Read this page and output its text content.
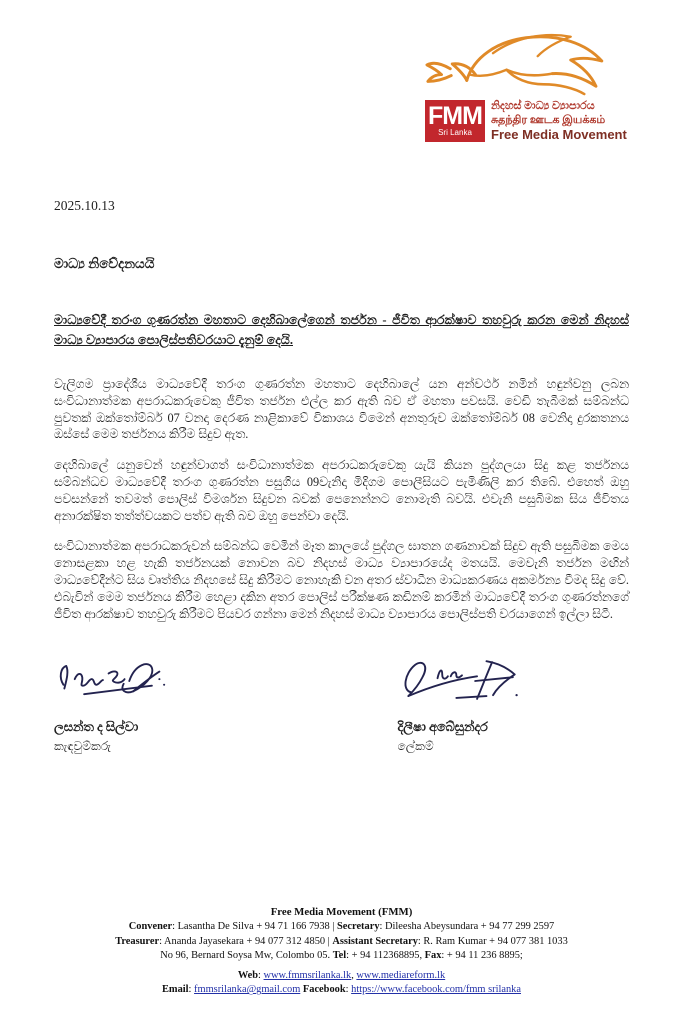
FMM
Sri Lanka
නිදහස් මාධ්‍ය ව්‍යාපාරය
சுதந்திர ஊடக இயக்கம்
Free Media Movement
2025.10.13
මාධ්‍ය නිවේදනයයි
මාධ්‍යවේදී තරංග ගුණරත්න මහතාට දෙහිබාලේගෙන් තර්ජන - ජීවිත ආරක්ෂාව තහවුරු කරන මෙන් නිදහස් මාධ්‍ය ව්‍යාපාරය පොලිස්පතිවරයාට දැනුම් දෙයි.

වැලිගම ප්‍රාදේශීය මාධ්‍යවේදී තරංග ගුණරත්න මහතාට දෙහිබාලේ යන අන්වර්ථ නමින් හඳුන්වනු ලබන සංවිධානාත්මක අපරාධකරුවෙකු ජීවිත තර්ජන එල්ල කර ඇති බව ඒ මහතා පවසයි. වෙඩි තැබීමක් සම්බන්ධ පුවතක් ඔක්තෝම්බර් 07 වනදා දෙරණ නාළිකාවේ විකාශය වීමෙන් අනතුරුව ඔක්තෝම්බර් 08 වෙනිදා දුරකතනය ඔස්සේ මෙම තර්ජනය කිරීම සිදුව ඇත.

දෙහිබාලේ යනුවෙන් හඳුන්වාගත් සංවිධානාත්මක අපරාධකරුවෙකු යැයි කියන පුද්ගලයා සිදු කළ තර්ජනය සම්බන්ධව මාධ්‍යවේදී තරංග ගුණරත්න පසුගිය 09වැනිදා මිදිගම පොලීසියට පැමිණිලි කර තිබේ. එහෙත් ඔහු පවසන්නේ තවමත් පොලිස් විමර්ශන සිදුවන බවක් පෙනෙන්නට නොමැති බවයි. එවැනි පසුබිමක සිය ජීවිතය අනාරක්ෂිත තත්ත්වයකට පත්ව ඇති බව ඔහු පෙන්වා දෙයි.

සංවිධානාත්මක අපරාධකරුවන් සම්බන්ධ වෙමින් මෑත කාලයේ පුද්ගල ඝාතන ගණනාවක් සිදුව ඇති පසුබිමක මෙය නොසළකා හළ හැකි තර්ජනයක් නොවන බව නිදහස් මාධ්‍ය ව්‍යාපාරයේද මතයයි. මෙවැනි තර්ජන මඟින් මාධ්‍යවේදීන්ට සිය වෘත්තිය නිදහසේ සිදු කිරීමට නොහැකි වන අතර ස්වාධීන මාධ්‍යකරණය අකර්මන්‍ය වීමද සිදු වේ. එබැවින් මෙම තර්ජනය කිරීම හෙළා දකින අතර පොලිස් පරීක්ෂණ කඩිනම් කරමින් මාධ්‍යවේදී තරංග ගුණරත්නගේ ජීවිත ආරක්ෂාව තහවුරු කිරීමට පියවර ගන්නා මෙන් නිදහස් මාධ්‍ය ව්‍යාපාරය පොලිස්පති වරයාගෙන් ඉල්ලා සිටී.

ලසන්ත ද සිල්වා
කැඳවුම්කරු
දිලීෂා අබේසුන්දර
ලේකම්
Free Media Movement (FMM)
Convener: Lasantha De Silva + 94 71 166 7938 | Secretary: Dileesha Abeysundara + 94 77 299 2597
Treasurer: Ananda Jayasekara + 94 077 312 4850 | Assistant Secretary: R. Ram Kumar + 94 077 381 1033
No 96, Bernard Soysa Mw, Colombo 05. Tel: + 94 112368895, Fax: + 94 11 236 8895;
Web: www.fmmsrilanka.lk, www.mediareform.lk
Email: fmmsrilanka@gmail.com Facebook: https://www.facebook.com/fmm srilanka
